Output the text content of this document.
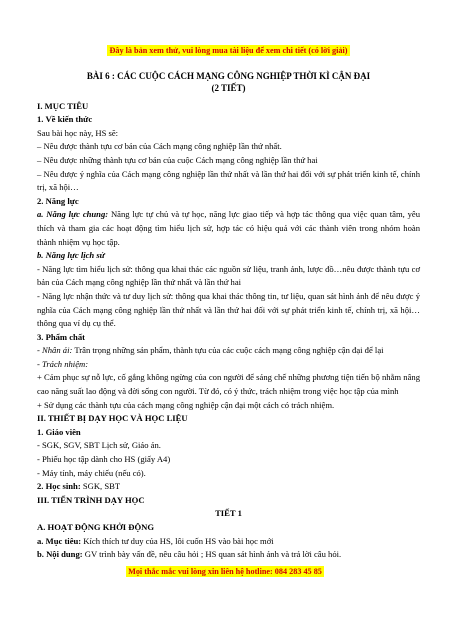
Đây là bản xem thử, vui lòng mua tài liệu để xem chi tiết (có lời giải)
BÀI 6 : CÁC CUỘC CÁCH MẠNG CÔNG NGHIỆP THỜI KÌ CẬN ĐẠI
(2 TIẾT)

I. MỤC TIÊU

1. Về kiến thức

Sau bài học này, HS sẽ:

– Nêu được thành tựu cơ bản của Cách mạng công nghiệp lần thứ nhất.

– Nêu được những thành tựu cơ bản của cuộc Cách mạng công nghiệp lần thứ hai

– Nêu được ý nghĩa của Cách mạng công nghiệp lần thứ nhất và lần thứ hai đối với sự phát triển kinh tế, chính trị, xã hội…

2. Năng lực

a. Năng lực chung: Năng lực tự chủ và tự học, năng lực giao tiếp và hợp tác thông qua việc quan tâm, yêu thích và tham gia các hoạt động tìm hiểu lịch sử, hợp tác có hiệu quả với các thành viên trong nhóm hoàn thành nhiệm vụ học tập.

b. Năng lực lịch sử

- Năng lực tìm hiểu lịch sử: thông qua khai thác các nguồn sử liệu, tranh ảnh, lược đồ…nêu được thành tựu cơ bản của Cách mạng công nghiệp lần thứ nhất và lần thứ hai

- Năng lực nhận thức và tư duy lịch sử: thông qua khai thác thông tin, tư liệu, quan sát hình ảnh để nêu được ý nghĩa của Cách mạng công nghiệp lần thứ nhất và lần thứ hai đối với sự phát triển kinh tế, chính trị, xã hội…thông qua ví dụ cụ thể.

3. Phẩm chất

- Nhân ái: Trân trọng những sản phẩm, thành tựu của các cuộc cách mạng công nghiệp cận đại để lại

- Trách nhiệm:

+ Cảm phục sự nỗ lực, cố gắng không ngừng của con người để sáng chế những phương tiện tiến bộ nhằm nâng cao năng suất lao động và đời sống con người. Từ đó, có ý thức, trách nhiệm trong việc học tập của mình

+ Sử dụng các thành tựu của cách mạng công nghiệp cận đại một cách có trách nhiệm.

II. THIẾT BỊ DẠY HỌC VÀ HỌC LIỆU

1. Giáo viên

- SGK, SGV, SBT Lịch sử, Giáo án.

- Phiếu học tập dành cho HS (giấy A4)

- Máy tính, máy chiếu (nếu có).

2. Học sinh: SGK, SBT

III. TIẾN TRÌNH DẠY HỌC

TIẾT 1

A. HOẠT ĐỘNG KHỞI ĐỘNG

a. Mục tiêu: Kích thích tư duy của HS, lôi cuốn HS vào bài học mới

b. Nội dung: GV trình bày vấn đề, nêu câu hỏi ; HS quan sát hình ảnh và trả lời câu hỏi.

Mọi thắc mắc vui lòng xin liên hệ hotline: 084 283 45 85
